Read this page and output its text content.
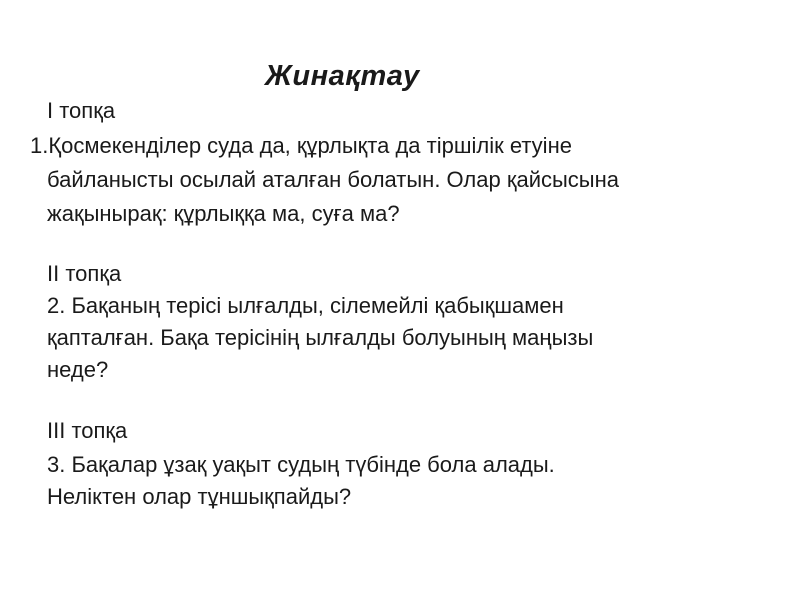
Жинақтау
І топқа
1.Қосмекенділер суда да, құрлықта да тіршілік етуіне
байланысты осылай аталған болатын. Олар қайсысына
жақынырақ: құрлыққа ма, суға ма?
ІІ топқа
2. Бақаның терісі ылғалды, сілемейлі қабықшамен
қапталған. Бақа терісінің ылғалды болуының маңызы
неде?
ІІІ топқа
3. Бақалар ұзақ уақыт судың түбінде бола алады.
Неліктен олар тұншықпайды?
